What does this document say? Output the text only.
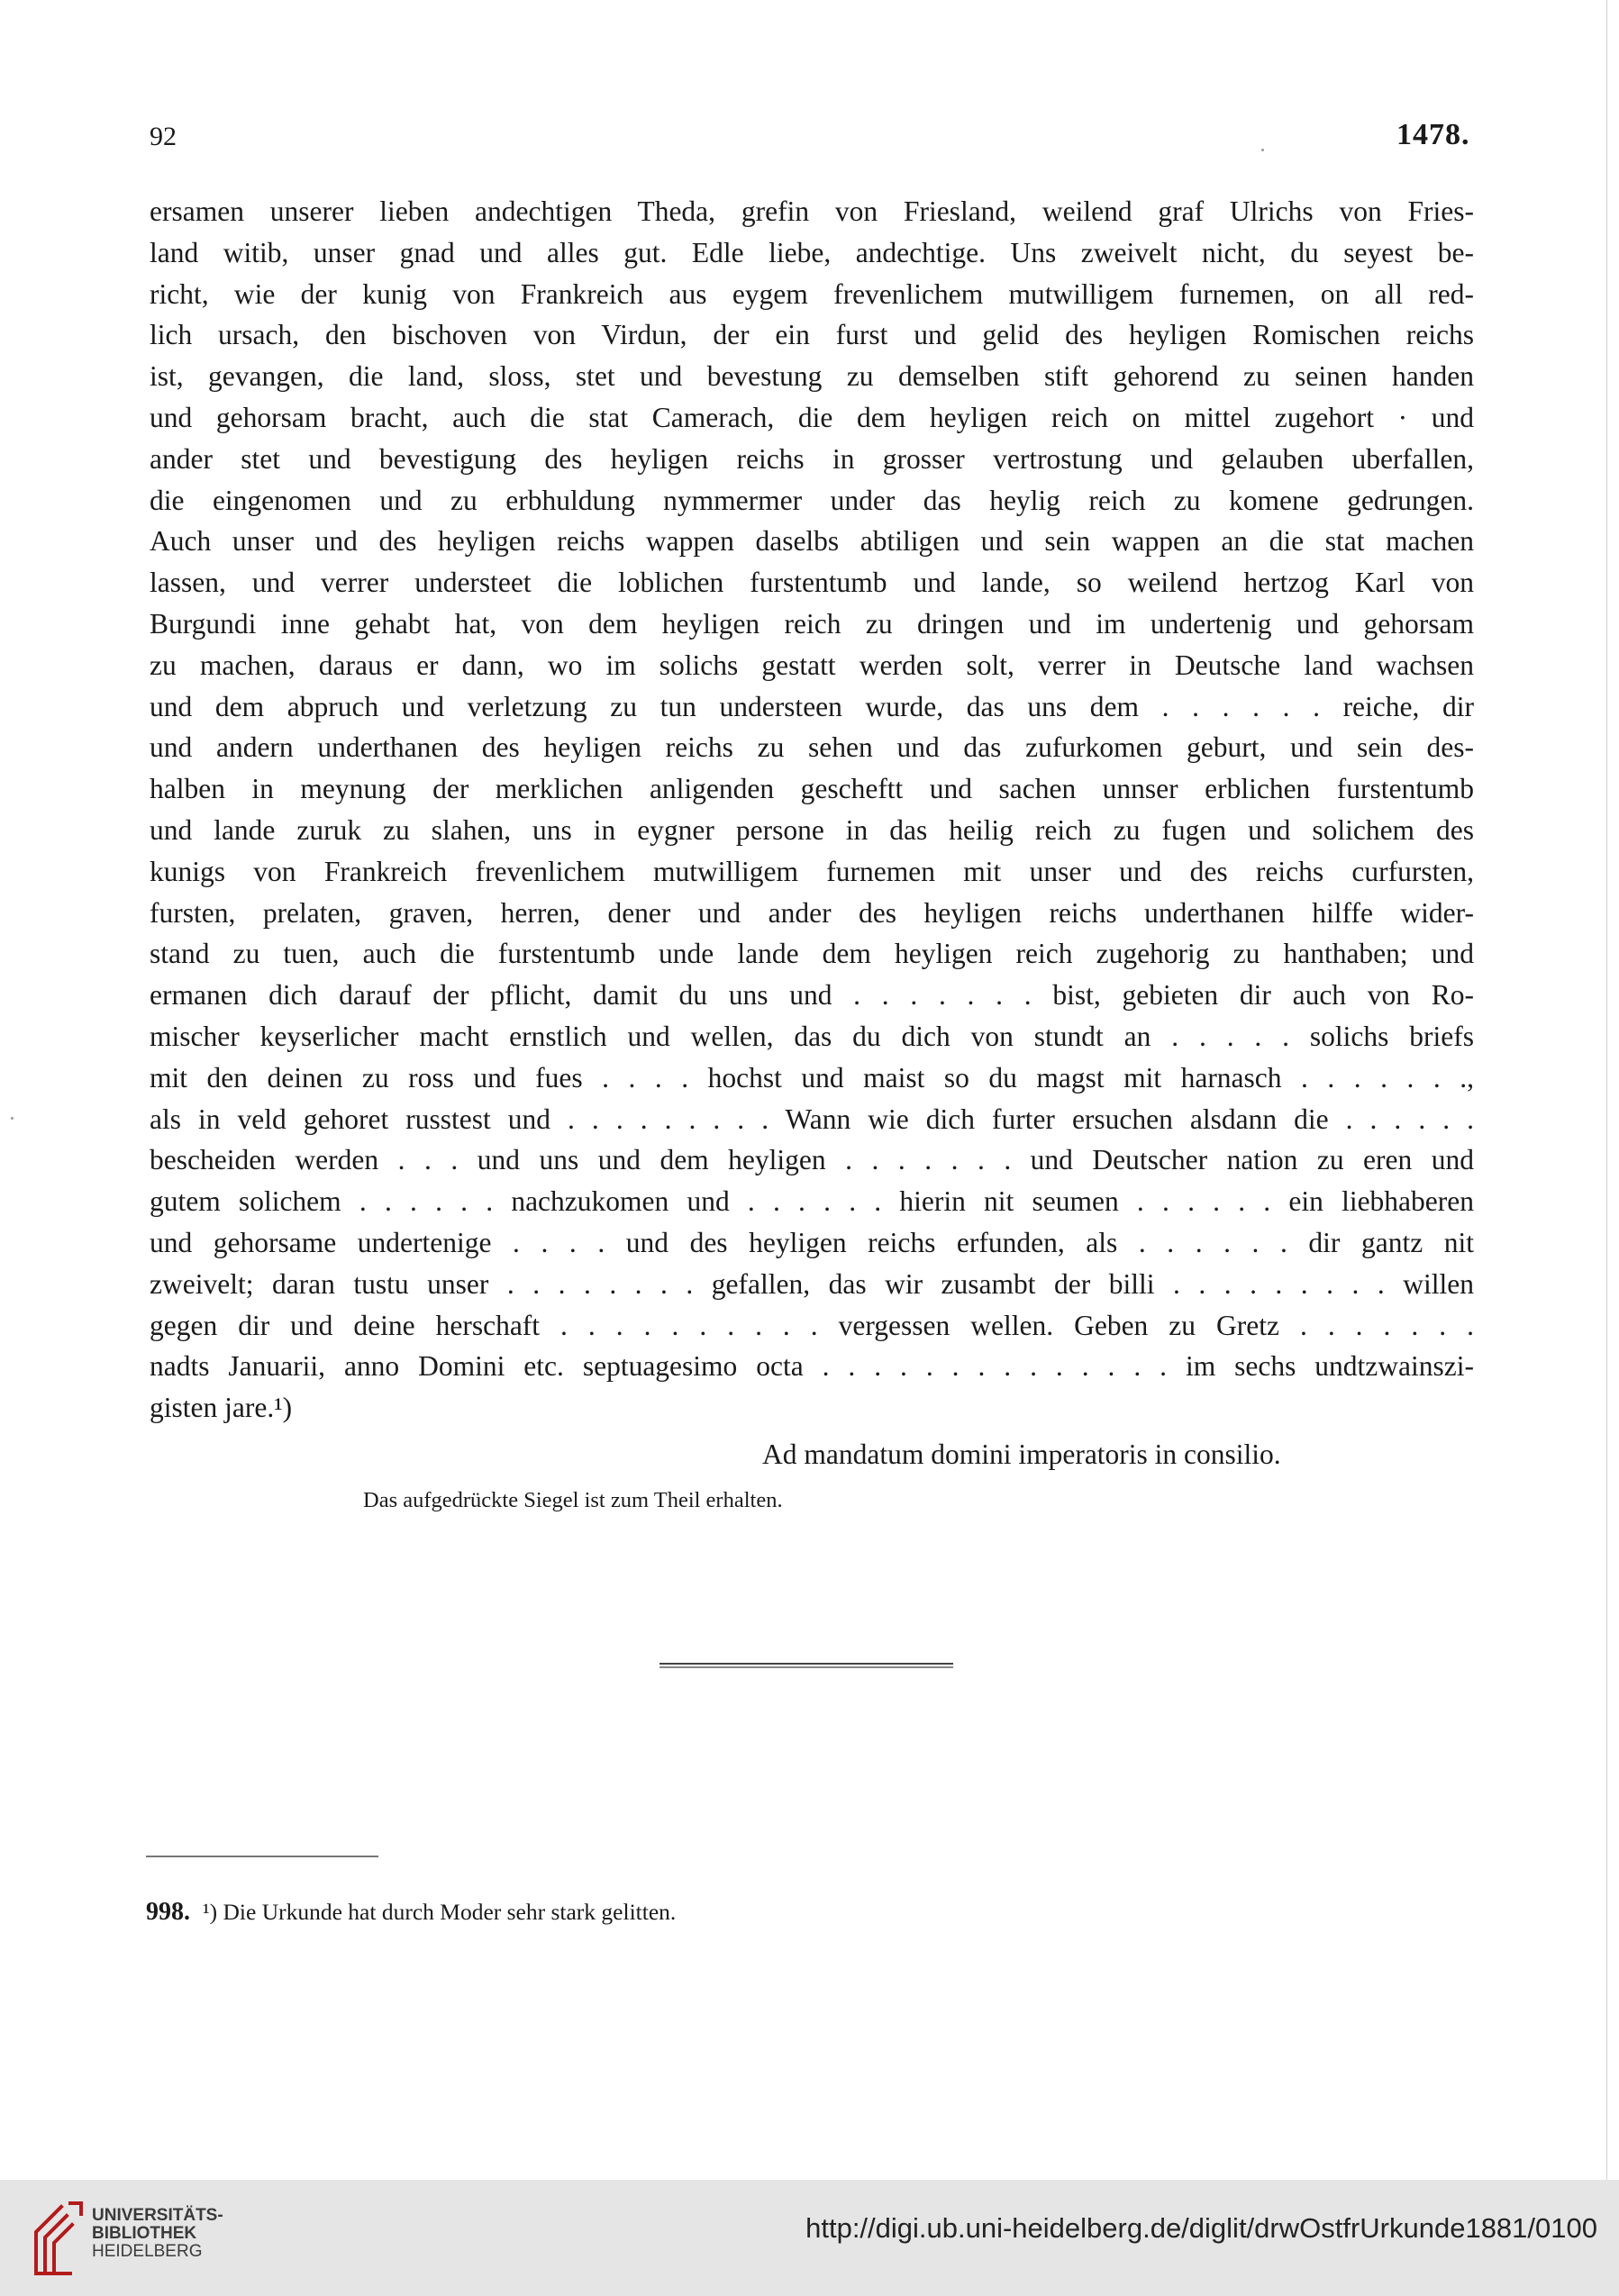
92	1478.
ersamen unserer lieben andechtigen Theda, grefin von Friesland, weilend graf Ulrichs von Fries-
land witib, unser gnad und alles gut. Edle liebe, andechtige. Uns zweivelt nicht, du seyest be-
richt, wie der kunig von Frankreich aus eygem frevenlichem mutwilligem furnemen, on all red-
lich ursach, den bischoven von Virdun, der ein furst und gelid des heyligen Romischen reichs
ist, gevangen, die land, sloss, stet und bevestung zu demselben stift gehorend zu seinen handen
und gehorsam bracht, auch die stat Camerach, die dem heyligen reich on mittel zugehort · und
ander stet und bevestigung des heyligen reichs in grosser vertrostung und gelauben uberfallen,
die eingenomen und zu erbhuldung nymmermer under das heylig reich zu komene gedrungen.
Auch unser und des heyligen reichs wappen daselbs abtiligen und sein wappen an die stat machen
lassen, und verrer understeet die loblichen furstentumb und lande, so weilend hertzog Karl von
Burgundi inne gehabt hat, von dem heyligen reich zu dringen und im undertenig und gehorsam
zu machen, daraus er dann, wo im solichs gestatt werden solt, verrer in Deutsche land wachsen
und dem abpruch und verletzung zu tun understeen wurde, das uns dem . . . . . . reiche, dir
und andern underthanen des heyligen reichs zu sehen und das zufurkomen geburt, und sein des-
halben in meynung der merklichen anligenden gescheftt und sachen unnser erblichen furstentumb
und lande zuruk zu slahen, uns in eygner persone in das heilig reich zu fugen und solichem des
kunigs von Frankreich frevenlichem mutwilligem furnemen mit unser und des reichs curfursten,
fursten, prelaten, graven, herren, dener und ander des heyligen reichs underthanen hilffe wider-
stand zu tuen, auch die furstentumb unde lande dem heyligen reich zugehorig zu hanthaben; und
ermanen dich darauf der pflicht, damit du uns und . . . . . . . bist, gebieten dir auch von Ro-
mischer keyserlicher macht ernstlich und wellen, das du dich von stundt an . . . . . solichs briefs
mit den deinen zu ross und fues . . . . hochst und maist so du magst mit harnasch . . . . . . .,
als in veld gehoret russtest und . . . . . . . . . Wann wie dich furter ersuchen alsdann die . . . . . .
bescheiden werden . . . und uns und dem heyligen . . . . . . . und Deutscher nation zu eren und
gutem solichem . . . . . . nachzukomen und . . . . . . hierin nit seumen . . . . . . ein liebhaberen
und gehorsame undertenige . . . . und des heyligen reichs erfunden, als . . . . . . dir gantz nit
zweivelt; daran tustu unser . . . . . . . . gefallen, das wir zusambt der billi . . . . . . . . . willen
gegen dir und deine herschaft . . . . . . . . . . vergessen wellen. Geben zu Gretz . . . . . . .
nadts Januarii, anno Domini etc. septuagesimo octa . . . . . . . . . . . . . . im sechs undtzwainszi-
gisten jare.¹)
Ad mandatum domini imperatoris in consilio.
Das aufgedrückte Siegel ist zum Theil erhalten.
998. ¹) Die Urkunde hat durch Moder sehr stark gelitten.
UNIVERSITÄTS-
BIBLIOTHEK
HEIDELBERG
http://digi.ub.uni-heidelberg.de/diglit/drwOstfrUrkunde1881/0100
